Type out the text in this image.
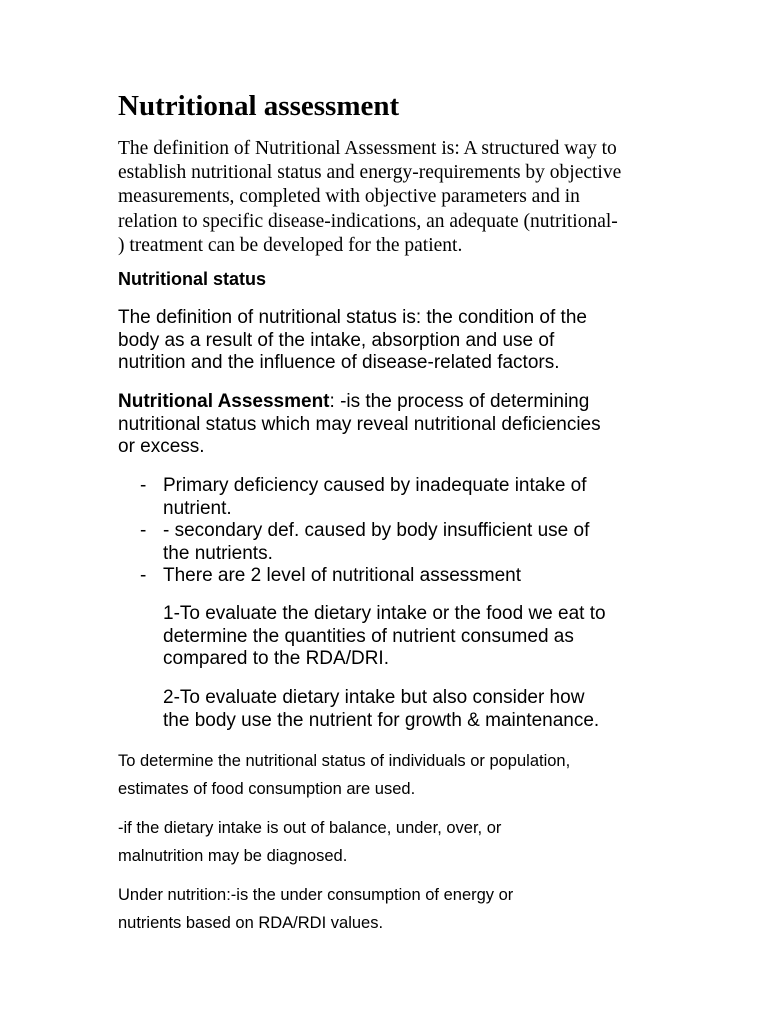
Nutritional assessment

The definition of Nutritional Assessment is: A structured way to
establish nutritional status and energy-requirements by objective
measurements, completed with objective parameters and in
relation to specific disease-indications, an adequate (nutritional-
) treatment can be developed for the patient.

Nutritional status

The definition of nutritional status is: the condition of the
body as a result of the intake, absorption and use of
nutrition and the influence of disease-related factors.

Nutritional Assessment: -is the process of determining
nutritional status which may reveal nutritional deficiencies
or excess.

- Primary deficiency caused by inadequate intake of
nutrient.
- - secondary def. caused by body insufficient use of
the nutrients.
- There are 2 level of nutritional assessment

1-To evaluate the dietary intake or the food we eat to
determine the quantities of nutrient consumed as
compared to the RDA/DRI.

2-To evaluate dietary intake but also consider how
the body use the nutrient for growth & maintenance.

To determine the nutritional status of individuals or population,
estimates of food consumption are used.

-if the dietary intake is out of balance, under, over, or
malnutrition may be diagnosed.

Under nutrition:-is the under consumption of energy or
nutrients based on RDA/RDI values.
